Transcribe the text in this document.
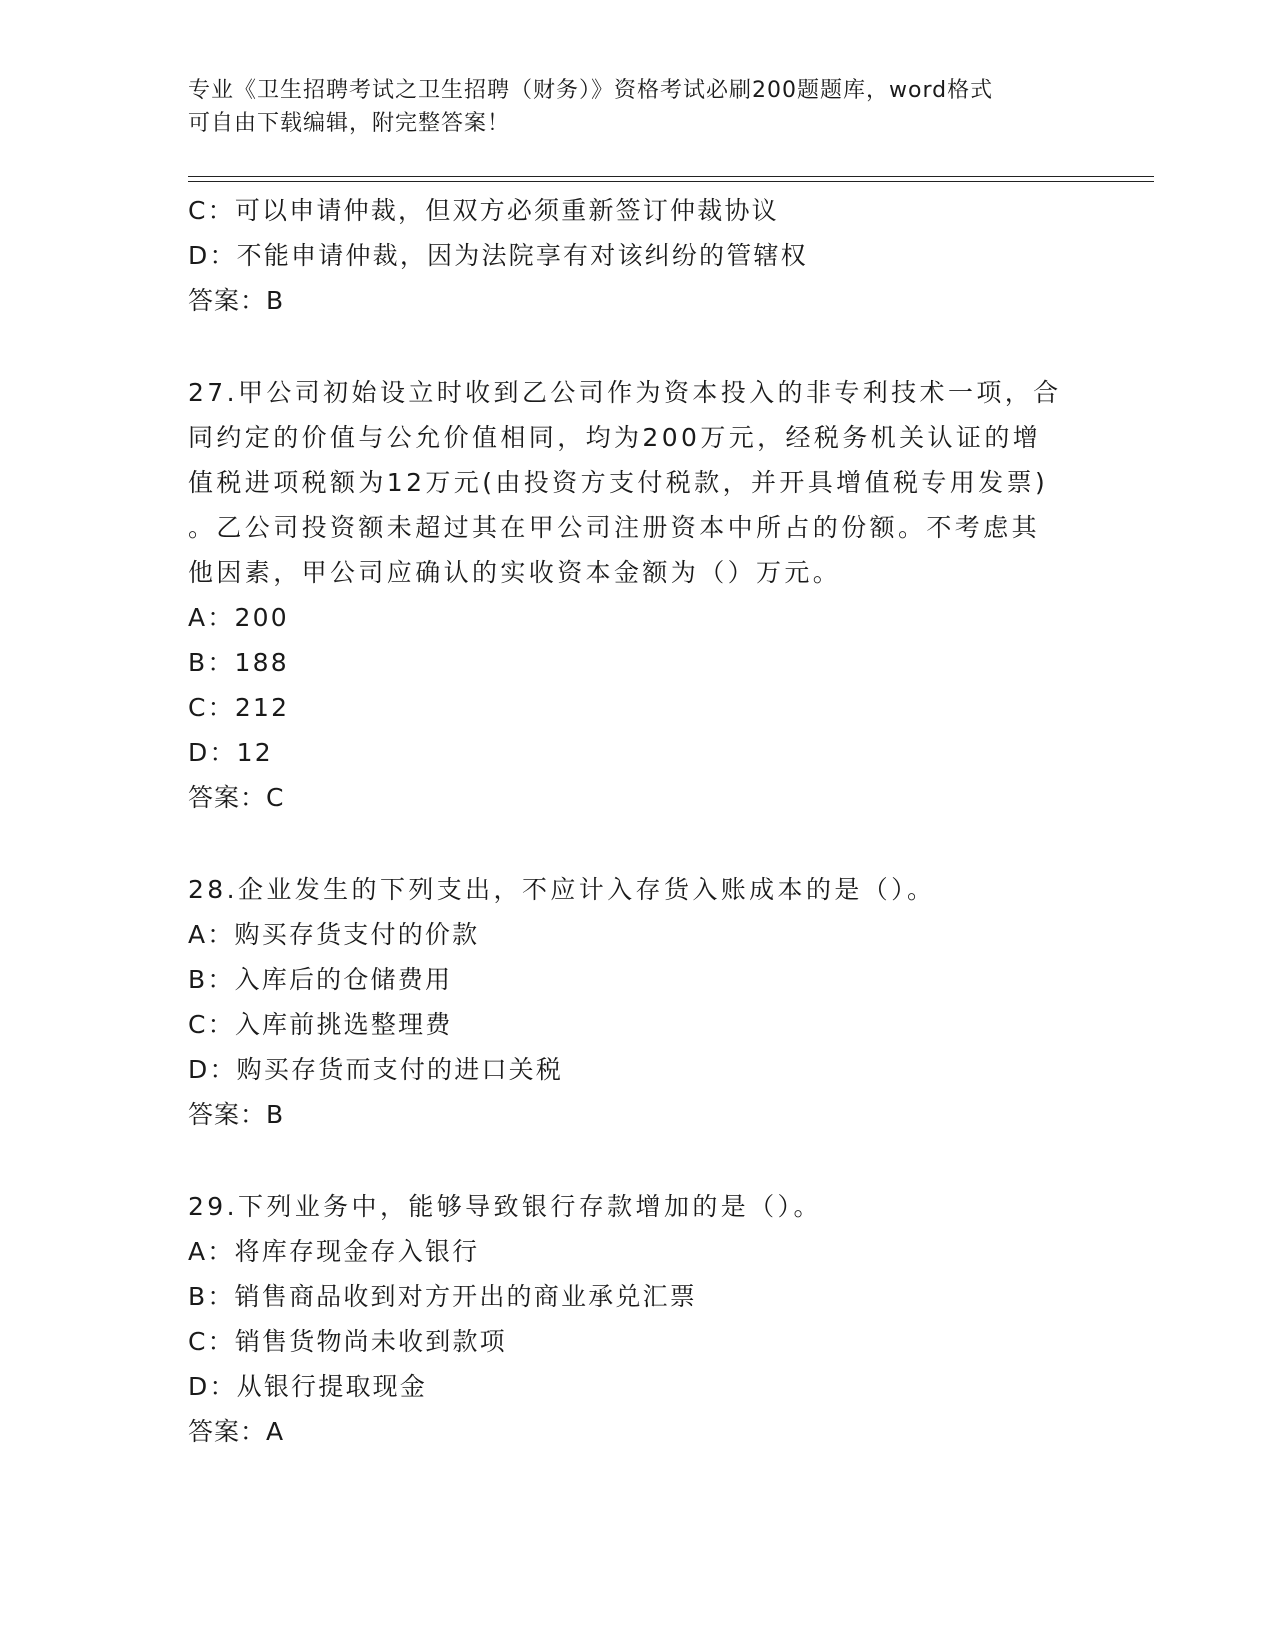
专业《卫生招聘考试之卫生招聘（财务）》资格考试必刷200题题库，word格式
可自由下载编辑，附完整答案！
C：可以申请仲裁，但双方必须重新签订仲裁协议
D：不能申请仲裁，因为法院享有对该纠纷的管辖权
答案：B
27.甲公司初始设立时收到乙公司作为资本投入的非专利技术一项，合
同约定的价值与公允价值相同，均为200万元，经税务机关认证的增
值税进项税额为12万元(由投资方支付税款，并开具增值税专用发票)
。乙公司投资额未超过其在甲公司注册资本中所占的份额。不考虑其
他因素，甲公司应确认的实收资本金额为（）万元。
A：200
B：188
C：212
D：12
答案：C
28.企业发生的下列支出，不应计入存货入账成本的是（）。
A：购买存货支付的价款
B：入库后的仓储费用
C：入库前挑选整理费
D：购买存货而支付的进口关税
答案：B
29.下列业务中，能够导致银行存款增加的是（）。
A：将库存现金存入银行
B：销售商品收到对方开出的商业承兑汇票
C：销售货物尚未收到款项
D：从银行提取现金
答案：A
